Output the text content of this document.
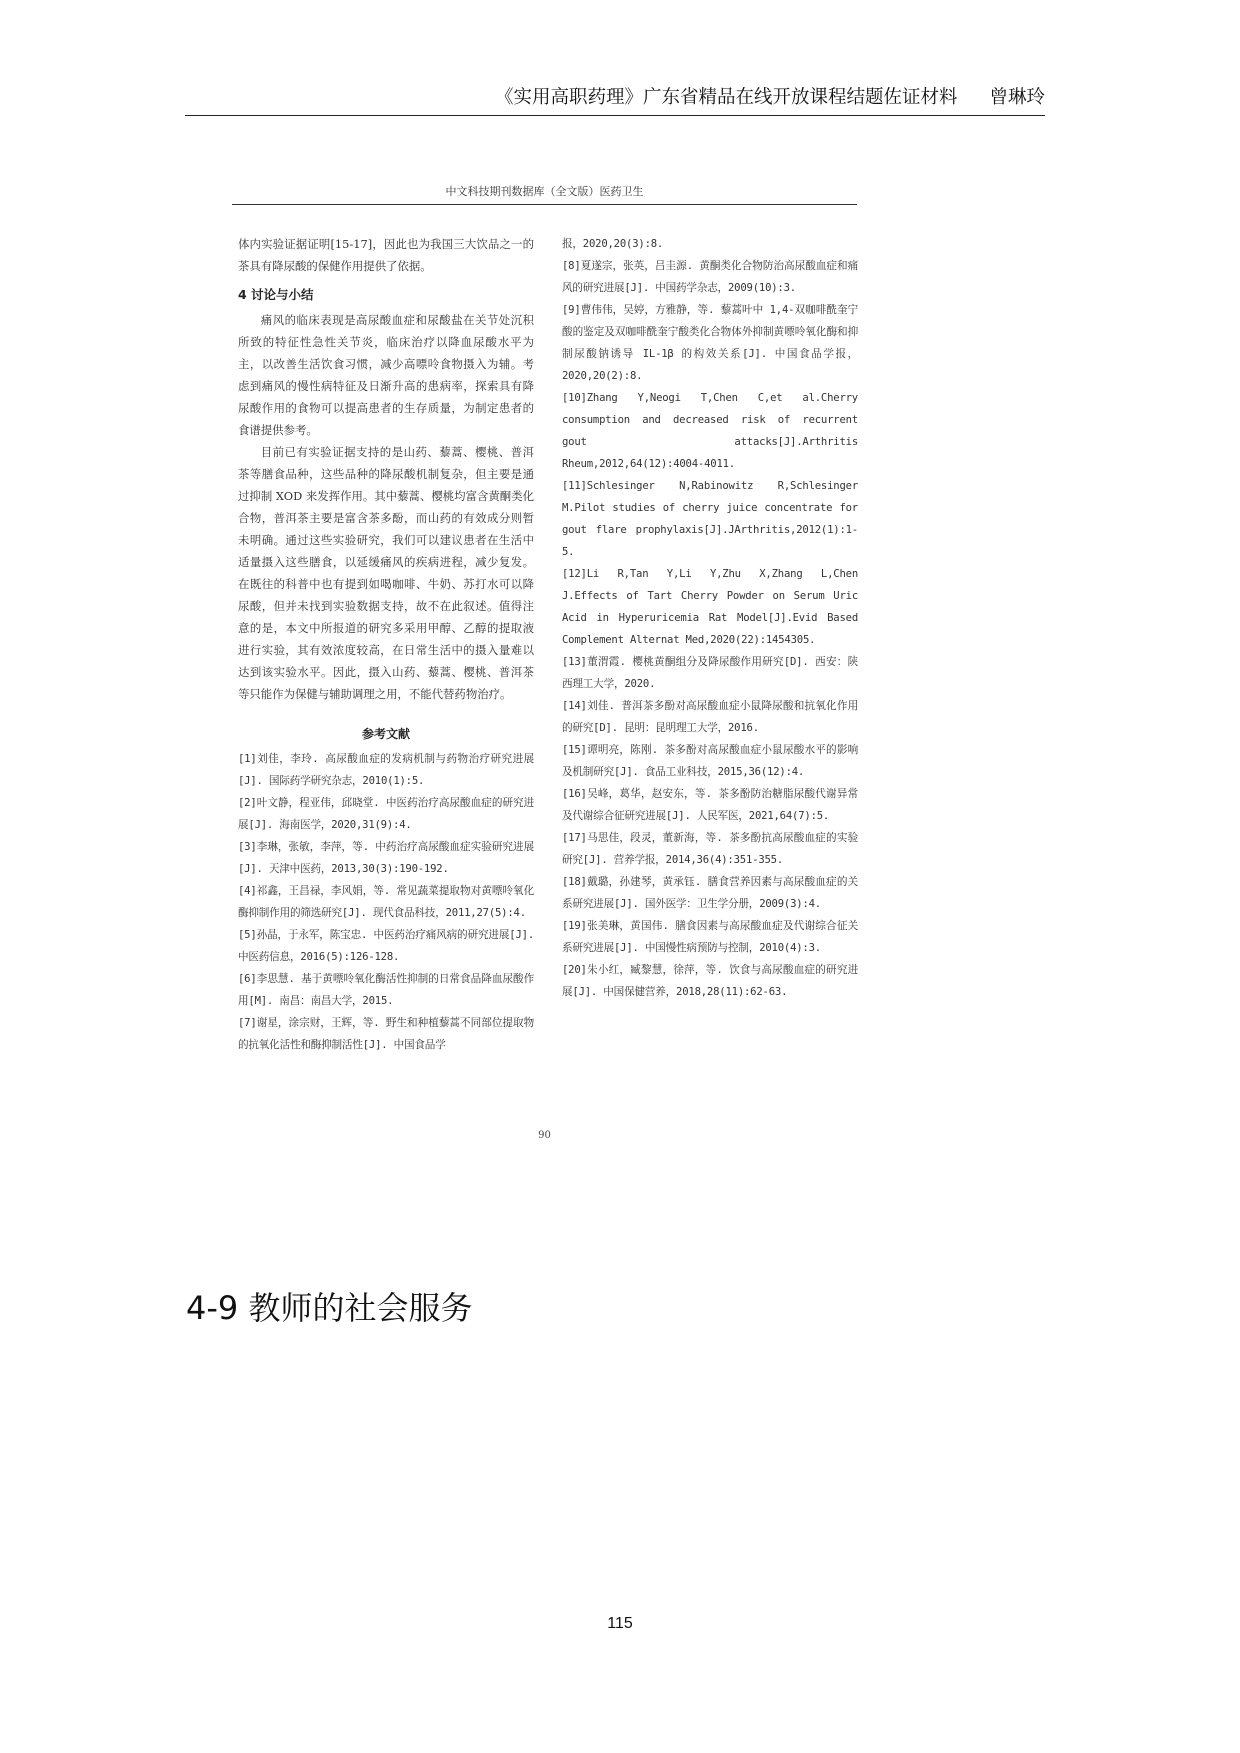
《实用高职药理》广东省精品在线开放课程结题佐证材料 曾琳玲
中文科技期刊数据库（全文版）医药卫生

体内实验证据证明[15-17]，因此也为我国三大饮品之一的茶具有降尿酸的保健作用提供了依据。

4 讨论与小结

痛风的临床表现是高尿酸血症和尿酸盐在关节处沉积所致的特征性急性关节炎，临床治疗以降血尿酸水平为主，以改善生活饮食习惯，减少高嘌呤食物摄入为辅。考虑到痛风的慢性病特征及日渐升高的患病率，探索具有降尿酸作用的食物可以提高患者的生存质量，为制定患者的食谱提供参考。

目前已有实验证据支持的是山药、藜蒿、樱桃、普洱茶等膳食品种，这些品种的降尿酸机制复杂，但主要是通过抑制 XOD 来发挥作用。其中藜蒿、樱桃均富含黄酮类化合物，普洱茶主要是富含茶多酚，而山药的有效成分则暂未明确。通过这些实验研究，我们可以建议患者在生活中适量摄入这些膳食，以延缓痛风的疾病进程，减少复发。在既往的科普中也有提到如喝咖啡、牛奶、苏打水可以降尿酸，但并未找到实验数据支持，故不在此叙述。值得注意的是，本文中所报道的研究多采用甲醇、乙醇的提取液进行实验，其有效浓度较高，在日常生活中的摄入量难以达到该实验水平。因此，摄入山药、藜蒿、樱桃、普洱茶等只能作为保健与辅助调理之用，不能代替药物治疗。

参考文献

[1]刘佳，李玲. 高尿酸血症的发病机制与药物治疗研究进展[J]. 国际药学研究杂志，2010(1):5.

[2]叶文静，程亚伟，邱晓堂. 中医药治疗高尿酸血症的研究进展[J]. 海南医学，2020,31(9):4.

[3]李琳，张敏，李萍，等. 中药治疗高尿酸血症实验研究进展[J]. 天津中医药，2013,30(3):190-192.

[4]祁鑫，王昌禄，李风娟，等. 常见蔬菜提取物对黄嘌呤氧化酶抑制作用的筛选研究[J]. 现代食品科技，2011,27(5):4.

[5]孙晶，于永军，陈宝忠. 中医药治疗痛风病的研究进展[J]. 中医药信息，2016(5):126-128.

[6]李思慧. 基于黄嘌呤氧化酶活性抑制的日常食品降血尿酸作用[M]. 南昌：南昌大学，2015.

[7]谢星，涂宗财，王辉，等. 野生和种植藜蒿不同部位提取物的抗氧化活性和酶抑制活性[J]. 中国食品学

报，2020,20(3):8.

[8]夏遂宗，张英，吕圭源. 黄酮类化合物防治高尿酸血症和痛风的研究进展[J]. 中国药学杂志，2009(10):3.

[9]曹伟伟，吴婷，方雅静，等. 藜蒿叶中 1,4-双咖啡酰奎宁酸的鉴定及双咖啡酰奎宁酸类化合物体外抑制黄嘌呤氧化酶和抑制尿酸钠诱导 IL-1β 的构效关系[J]. 中国食品学报，2020,20(2):8.

[10]Zhang Y,Neogi T,Chen C,et al.Cherry consumption and decreased risk of recurrent gout attacks[J].Arthritis Rheum,2012,64(12):4004-4011.

[11]Schlesinger N,Rabinowitz R,Schlesinger M.Pilot studies of cherry juice concentrate for gout flare prophylaxis[J].JArthritis,2012(1):1-5.

[12]Li R,Tan Y,Li Y,Zhu X,Zhang L,Chen J.Effects of Tart Cherry Powder on Serum Uric Acid in Hyperuricemia Rat Model[J].Evid Based Complement Alternat Med,2020(22):1454305.

[13]董渭霞. 樱桃黄酮组分及降尿酸作用研究[D]. 西安：陕西理工大学，2020.

[14]刘佳. 普洱茶多酚对高尿酸血症小鼠降尿酸和抗氧化作用的研究[D]. 昆明：昆明理工大学，2016.

[15]谭明亮，陈刚. 茶多酚对高尿酸血症小鼠尿酸水平的影响及机制研究[J]. 食品工业科技，2015,36(12):4.

[16]吴峰，葛华，赵安东，等. 茶多酚防治糖脂尿酸代谢异常及代谢综合征研究进展[J]. 人民军医，2021,64(7):5.

[17]马思佳，段灵，董新海，等. 茶多酚抗高尿酸血症的实验研究[J]. 营养学报，2014,36(4):351-355.

[18]戴璐，孙建琴，黄承钰. 膳食营养因素与高尿酸血症的关系研究进展[J]. 国外医学：卫生学分册，2009(3):4.

[19]张美琳，黄国伟. 膳食因素与高尿酸血症及代谢综合征关系研究进展[J]. 中国慢性病预防与控制，2010(4):3.

[20]朱小红，臧黎慧，徐萍，等. 饮食与高尿酸血症的研究进展[J]. 中国保健营养，2018,28(11):62-63.

90
4-9 教师的社会服务
115
